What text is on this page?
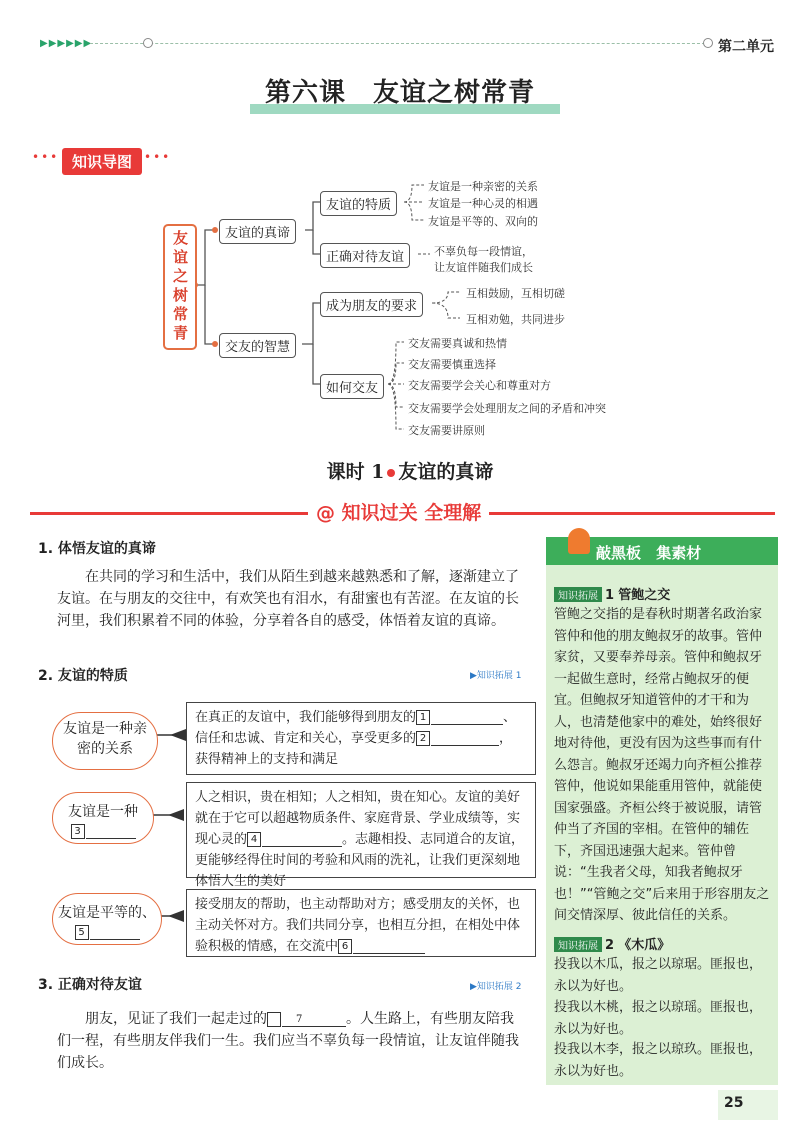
▶▶▶▶▶▶	第二单元
第六课　友谊之树常青
••• 知识导图 •••
友谊之树常青	友谊的真谛
友谊的特质
友谊是一种亲密的关系
友谊是一种心灵的相遇
友谊是平等的、双向的
正确对待友谊	不辜负每一段情谊，
让友谊伴随我们成长
交友的智慧
成为朋友的要求
互相鼓励，互相切磋
互相劝勉，共同进步
如何交友
交友需要真诚和热情
交友需要慎重选择
交友需要学会关心和尊重对方
交友需要学会处理朋友之间的矛盾和冲突
交友需要讲原则
课时 1 友谊的真谛
@ 知识过关 全理解
1. 体悟友谊的真谛
在共同的学习和生活中，我们从陌生到越来越熟悉和了解，逐渐建立了友谊。在与朋友的交往中，有欢笑也有泪水，有甜蜜也有苦涩。在友谊的长河里，我们积累着不同的体验，分享着各自的感受，体悟着友谊的真谛。
▶知识拓展 1
2. 友谊的特质
友谊是一种亲密的关系
友谊是一种
3
友谊是平等的、
5
在真正的友谊中，我们能够得到朋友的 1	、
信任和忠诚、肯定和关心，享受更多的 2	，
获得精神上的支持和满足
人之相识，贵在相知；人之相知，贵在知心。友谊的美好就在于它可以超越物质条件、家庭背景、学业成绩等，实现心灵的 4	。志趣相投、志同道合的友谊，更能够经得住时间的考验和风雨的洗礼，让我们更深刻地体悟人生的美好
接受朋友的帮助，也主动帮助对方；感受朋友的关怀，也主动关怀对方。我们共同分享，也相互分担，在相处中体验积极的情感，在交流中 6
3. 正确对待友谊	▶知识拓展 2
朋友，见证了我们一起走过的	7	。人生路上，有些朋友陪我们一程，有些朋友伴我们一生。我们应当不辜负每一段情谊，让友谊伴随我们成长。
敲黑板 集素材
知识拓展 1 管鲍之交
管鲍之交指的是春秋时期著名政治家管仲和他的朋友鲍叔牙的故事。管仲家贫，又要奉养母亲。管仲和鲍叔牙一起做生意时，经常占鲍叔牙的便宜。但鲍叔牙知道管仲的才干和为人，也清楚他家中的难处，始终很好地对待他，更没有因为这些事而有什么怨言。鲍叔牙还竭力向齐桓公推荐管仲，他说如果能重用管仲，就能使国家强盛。齐桓公终于被说服，请管仲当了齐国的宰相。在管仲的辅佐下，齐国迅速强大起来。管仲曾说：“生我者父母，知我者鲍叔牙也！”“管鲍之交”后来用于形容朋友之间交情深厚、彼此信任的关系。
知识拓展 2 《木瓜》
投我以木瓜，报之以琼琚。匪报也，永以为好也。
投我以木桃，报之以琼瑶。匪报也，永以为好也。
投我以木李，报之以琼玖。匪报也，永以为好也。
25
